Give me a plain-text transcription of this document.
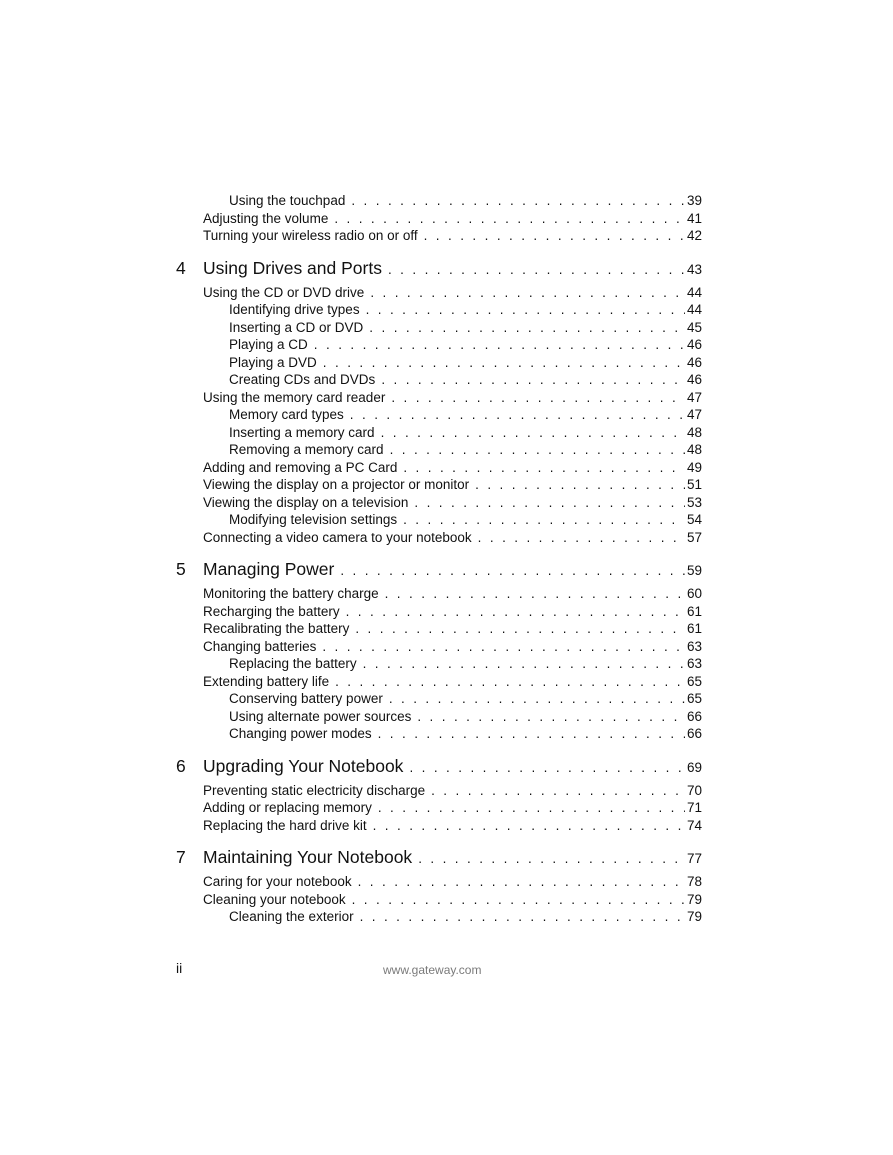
Using the touchpad . . .	39
Adjusting the volume . . .	41
Turning your wireless radio on or off . . .	42
4 Using Drives and Ports . . .	43
Using the CD or DVD drive . . .	44
Identifying drive types . . .	44
Inserting a CD or DVD . . .	45
Playing a CD . . .	46
Playing a DVD . . .	46
Creating CDs and DVDs . . .	46
Using the memory card reader . . .	47
Memory card types . . .	47
Inserting a memory card . . .	48
Removing a memory card . . .	48
Adding and removing a PC Card . . .	49
Viewing the display on a projector or monitor . . .	51
Viewing the display on a television . . .	53
Modifying television settings . . .	54
Connecting a video camera to your notebook . . .	57
5 Managing Power . . .	59
Monitoring the battery charge . . .	60
Recharging the battery . . .	61
Recalibrating the battery . . .	61
Changing batteries . . .	63
Replacing the battery . . .	63
Extending battery life . . .	65
Conserving battery power . . .	65
Using alternate power sources . . .	66
Changing power modes . . .	66
6 Upgrading Your Notebook . . .	69
Preventing static electricity discharge . . .	70
Adding or replacing memory . . .	71
Replacing the hard drive kit . . .	74
7 Maintaining Your Notebook . . .	77
Caring for your notebook . . .	78
Cleaning your notebook . . .	79
Cleaning the exterior . . .	79
ii	www.gateway.com
